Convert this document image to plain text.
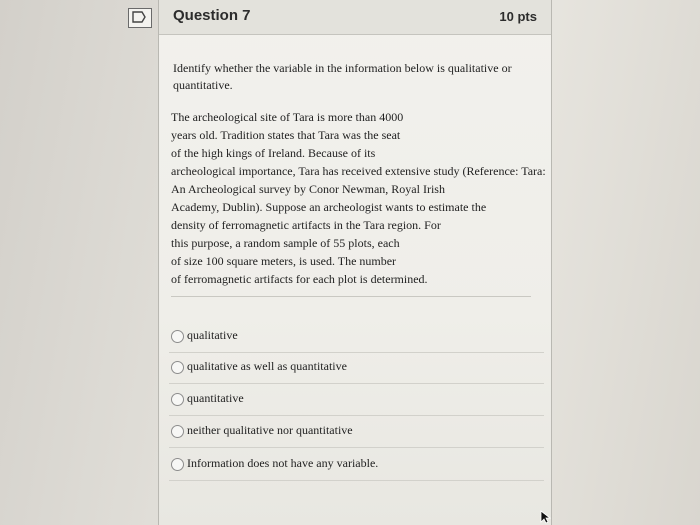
Question 7	10 pts
Identify whether the variable in the information below is qualitative or quantitative.
The archeological site of Tara is more than 4000
years old. Tradition states that Tara was the seat
of the high kings of Ireland. Because of its
archeological importance, Tara has received extensive study (Reference: Tara:
An Archeological survey by Conor Newman, Royal Irish
Academy, Dublin). Suppose an archeologist wants to estimate the
density of ferromagnetic artifacts in the Tara region. For
this purpose, a random sample of 55 plots, each
of size 100 square meters, is used. The number
of ferromagnetic artifacts for each plot is determined.
qualitative
qualitative as well as quantitative
quantitative
neither qualitative nor quantitative
Information does not have any variable.
